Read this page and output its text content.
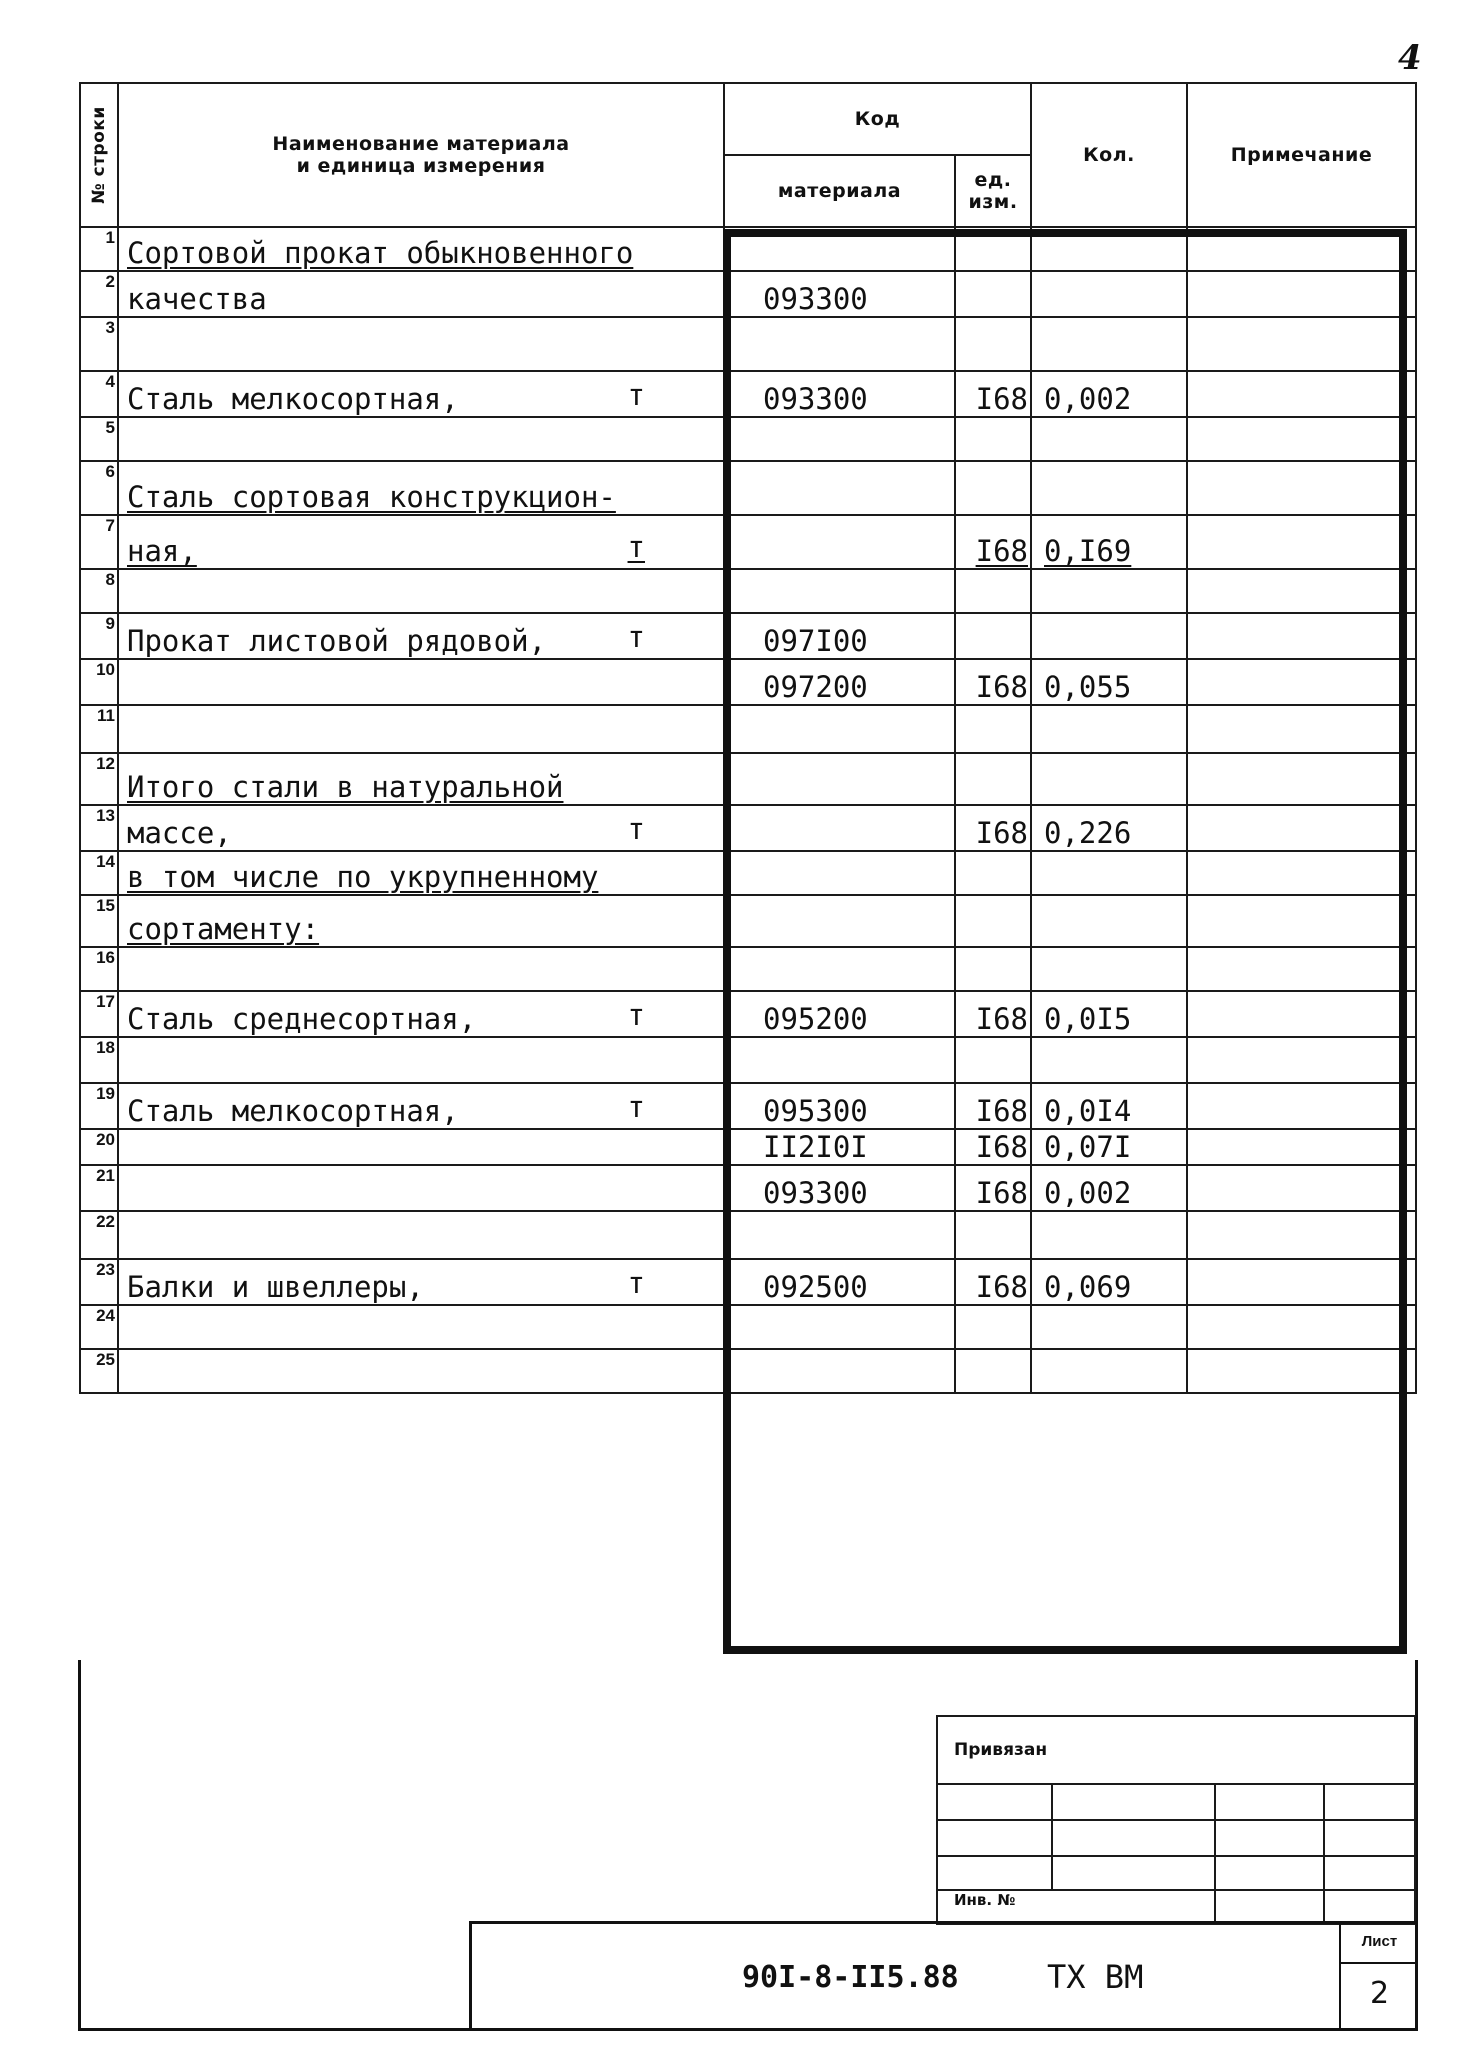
4
№ строки	Наименование материала
и единица измерения	Код		Кол.	Примечание
		материала	ед.
изм.		

1	Сортовой прокат обыкновенного

2	качества	093300			
3	

4	Сталь мелкосортная, т	093300	I68	0,002	
5	

6	Сталь сортовая конструкцион-

7	ная, т		I68	0,I69	
8	

9	Прокат листовой рядовой, т	097I00			
10		097200	I68	0,055	
11	

12	Итого стали в натуральной

13	массе, т		I68	0,226	
14	в том числе по укрупненному

15	сортаменту:

16	

17	Сталь среднесортная, т	095200	I68	0,0I5	
18	

19	Сталь мелкосортная, т	095300	I68	0,0I4	
20		II2I0I	I68	0,07I	
21		093300	I68	0,002	
22	

23	Балки и швеллеры, т	092500	I68	0,069	
24	

25	

Привязан			

Инв. №			
90I-8-II5.88	ТХ ВМ
Лист
2
